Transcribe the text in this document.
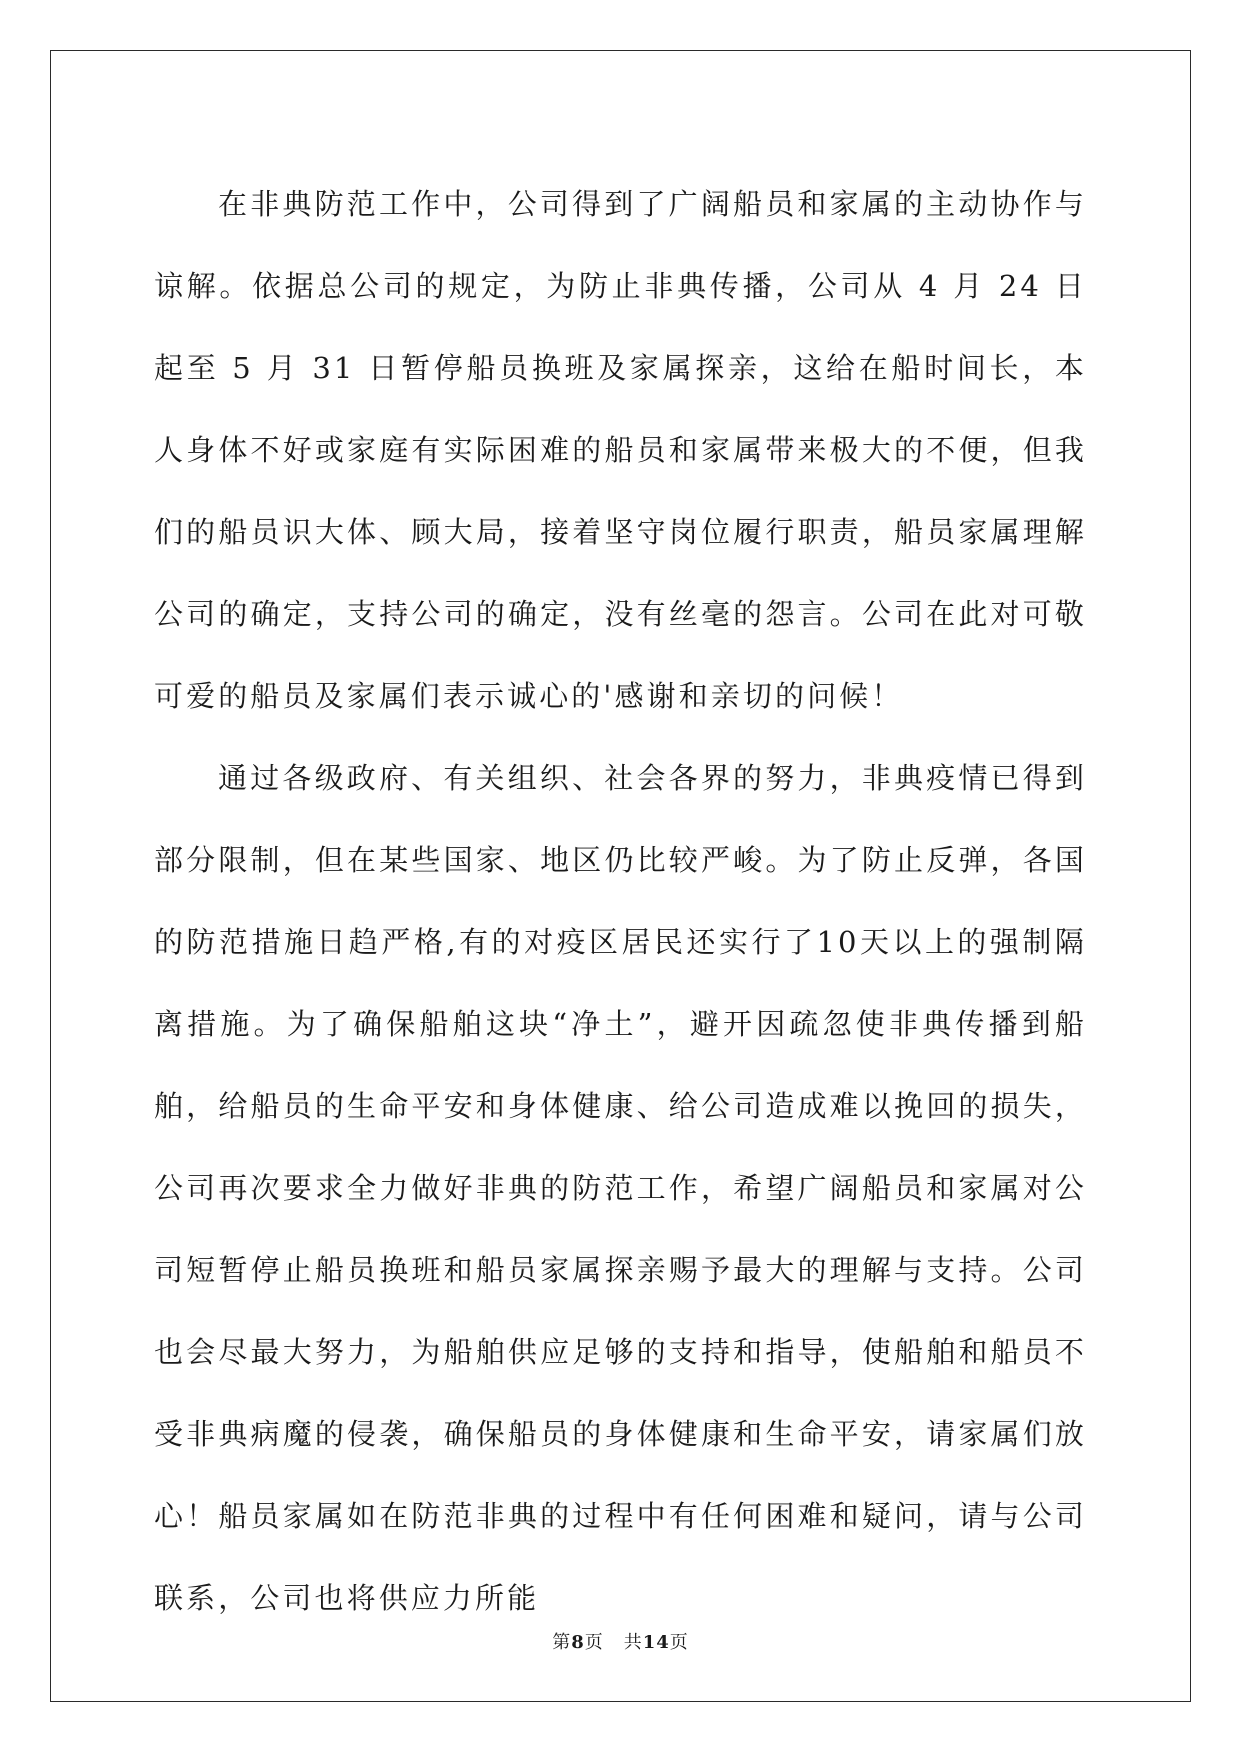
在非典防范工作中，公司得到了广阔船员和家属的主动协作与谅解。依据总公司的规定，为防止非典传播，公司从 4 月 24 日起至 5 月 31 日暂停船员换班及家属探亲，这给在船时间长，本人身体不好或家庭有实际困难的船员和家属带来极大的不便，但我们的船员识大体、顾大局，接着坚守岗位履行职责，船员家属理解公司的确定，支持公司的确定，没有丝毫的怨言。公司在此对可敬可爱的船员及家属们表示诚心的'感谢和亲切的问候！

通过各级政府、有关组织、社会各界的努力，非典疫情已得到部分限制，但在某些国家、地区仍比较严峻。为了防止反弹，各国的防范措施日趋严格,有的对疫区居民还实行了10天以上的强制隔离措施。为了确保船舶这块“净土”，避开因疏忽使非典传播到船舶，给船员的生命平安和身体健康、给公司造成难以挽回的损失，公司再次要求全力做好非典的防范工作，希望广阔船员和家属对公司短暂停止船员换班和船员家属探亲赐予最大的理解与支持。公司也会尽最大努力，为船舶供应足够的支持和指导，使船舶和船员不受非典病魔的侵袭，确保船员的身体健康和生命平安，请家属们放心！船员家属如在防范非典的过程中有任何困难和疑问，请与公司联系，公司也将供应力所能

第8页 共14页
